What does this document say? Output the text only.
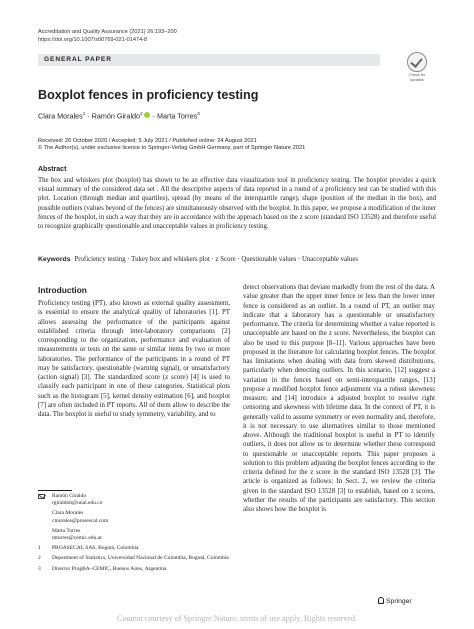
Accreditation and Quality Assurance (2021) 26:193–200
https://doi.org/10.1007/s00769-021-01474-8
GENERAL PAPER
Check for
updates
Boxplot fences in proficiency testing
Clara Morales$^1$ · Ramón Giraldo$^2$ · Marta Torres$^3$
Received: 26 October 2020 / Accepted: 5 July 2021 / Published online: 24 August 2021
© The Author(s), under exclusive licence to Springer-Verlag GmbH Germany, part of Springer Nature 2021
Abstract
The box and whiskers plot (boxplot) has shown to be an effective data visualization tool in proficiency testing. The boxplot provides a quick visual summary of the considered data set . All the descriptive aspects of data reported in a round of a proficiency test can be studied with this plot. Location (through median and quartiles), spread (by means of the interquartile range), shape (position of the median in the box), and possible outliers (values beyond of the fences) are simultaneously observed with the boxplot. In this paper, we propose a modification of the inner fences of the boxplot, in such a way that they are in accordance with the approach based on the z score (standard ISO 13528) and therefore useful to recognize graphically questionable and unacceptable values in proficiency testing.
Keywords Proficiency testing · Tukey box and whiskers plot · z Score · Questionable values · Unacceptable values
Introduction
Proficiency testing (PT), also known as external quality assessment, is essential to ensure the analytical quality of laboratories [1]. PT allows assessing the performance of the participants against established criteria through inter-laboratory comparisons [2] corresponding to the organization, performance and evaluation of measurements or tests on the same or similar items by two or more laboratories. The performance of the participants in a round of PT may be satisfactory, questionable (warning signal), or unsatisfactory (action signal) [3]. The standardized score (z score) [4] is used to classify each participant in one of these categories. Statistical plots such as the histogram [5], kernel density estimation [6], and boxplot [7] are often included in PT reports. All of them allow to describe the data. The boxplot is useful to study symmetry, variability, and to
detect observations that deviate markedly from the rest of the data. A value greater than the upper inner fence or less than the lower inner fence is considered as an outlier. In a round of PT, an outlier may indicate that a laboratory has a questionable or unsatisfactory performance. The criteria for determining whether a value reported is unacceptable are based on the z score. Nevertheless, the boxplot can also be used to this purpose [8–11]. Various approaches have been proposed in the literature for calculating boxplot fences. The boxplot has limitations when dealing with data from skewed distributions, particularly when detecting outliers. In this scenario, [12] suggest a variation in the fences based on semi-interquartile ranges, [13] propose a modified boxplot fence adjustment via a robust skewness measure, and [14] introduce a adjusted boxplot to resolve right censoring and skewness with lifetime data. In the context of PT, it is generally valid to assume symmetry or even normality and, therefore, it is not necessary to use alternatives similar to those mentioned above. Although the traditional boxplot is useful in PT to identify outliers, it does not allow us to determine whether these correspond to questionable or unacceptable reports. This paper proposes a solution to this problem adjusting the boxplot fences according to the criteria defined for the z score in the standard ISO 13528 [3]. The article is organized as follows: In Sect. 2, we review the criteria given in the standard ISO 13528 [3] to establish, based on z scores, whether the results of the participants are satisfactory. This section also shows how the boxplot is
Ramón Giraldo
rgiraldoh@unal.edu.co
Clara Morales
cmorales@prosescal.com
Marta Torres
mtorres@cemic.edu.ar
1 PROASECAL SAS, Bogotá, Colombia
2 Department of Statistics, Universidad Nacional de Colombia, Bogotá, Colombia
3 Director ProgBA–CEMIC, Buenos Aires, Argentina
Springer
Content courtesy of Springer Nature, terms of use apply. Rights reserved.
